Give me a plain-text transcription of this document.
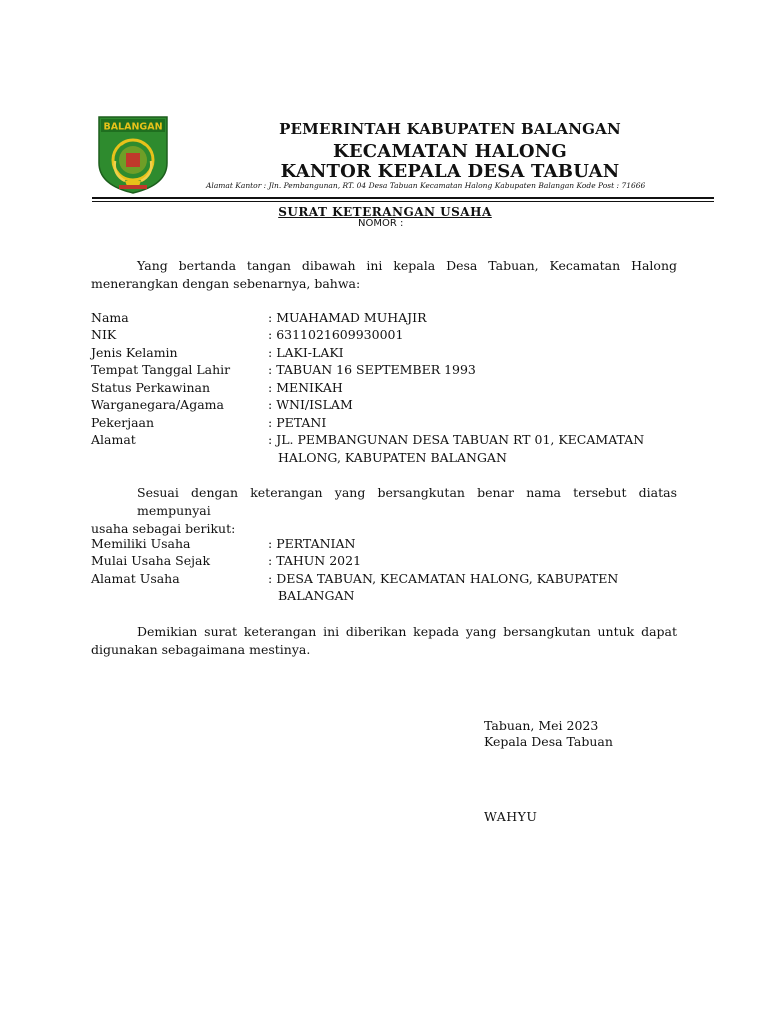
BALANGAN	PEMERINTAH KABUPATEN BALANGAN
KECAMATAN HALONG
KANTOR KEPALA DESA TABUAN
Alamat Kantor : Jln. Pembangunan, RT. 04 Desa Tabuan Kecamatan Halong Kabupaten Balangan Kode Post : 71666
SURAT KETERANGAN USAHA
NOMOR :
Yang bertanda tangan dibawah ini kepala Desa Tabuan, Kecamatan Halong
menerangkan dengan sebenarnya, bahwa:
Nama	: MUAHAMAD MUHAJIR
NIK	: 6311021609930001
Jenis Kelamin	: LAKI-LAKI
Tempat Tanggal Lahir	: TABUAN 16 SEPTEMBER 1993
Status Perkawinan	: MENIKAH
Warganegara/Agama	: WNI/ISLAM
Pekerjaan	: PETANI
Alamat	: JL. PEMBANGUNAN DESA TABUAN RT 01, KECAMATAN
HALONG, KABUPATEN BALANGAN
Sesuai dengan keterangan yang bersangkutan benar nama tersebut diatas mempunyai
usaha sebagai berikut:
Memiliki Usaha	: PERTANIAN
Mulai Usaha Sejak	: TAHUN 2021
Alamat Usaha	: DESA TABUAN, KECAMATAN HALONG, KABUPATEN
BALANGAN
Demikian surat keterangan ini diberikan kepada yang bersangkutan untuk dapat
digunakan sebagaimana mestinya.
Tabuan, Mei 2023
Kepala Desa Tabuan
WAHYU
